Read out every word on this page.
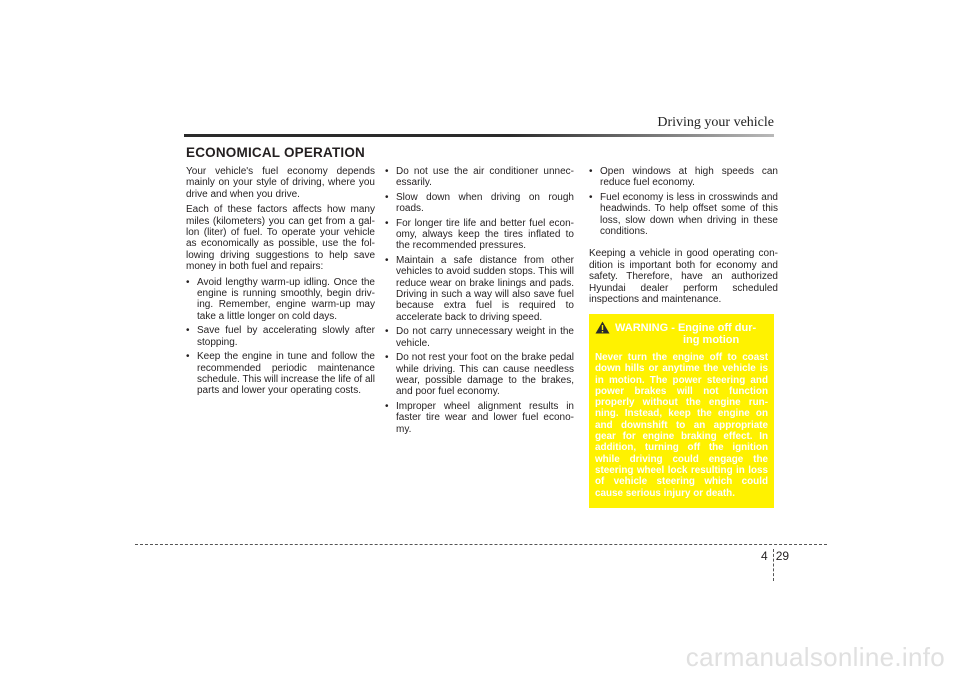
Driving your vehicle
ECONOMICAL OPERATION

Your vehicle's fuel economy depends mainly on your style of driving, where you drive and when you drive.

Each of these factors affects how many miles (kilometers) you can get from a gal-lon (liter) of fuel. To operate your vehicle as economically as possible, use the fol-lowing driving suggestions to help save money in both fuel and repairs:

• Avoid lengthy warm-up idling. Once the engine is running smoothly, begin driv-ing. Remember, engine warm-up may take a little longer on cold days.
• Save fuel by accelerating slowly after stopping.
• Keep the engine in tune and follow the recommended periodic maintenance schedule. This will increase the life of all parts and lower your operating costs.
• Do not use the air conditioner unnec-essarily.
• Slow down when driving on rough roads.
• For longer tire life and better fuel econ-omy, always keep the tires inflated to the recommended pressures.
• Maintain a safe distance from other vehicles to avoid sudden stops. This will reduce wear on brake linings and pads. Driving in such a way will also save fuel because extra fuel is required to accelerate back to driving speed.
• Do not carry unnecessary weight in the vehicle.
• Do not rest your foot on the brake pedal while driving. This can cause needless wear, possible damage to the brakes, and poor fuel economy.
• Improper wheel alignment results in faster tire wear and lower fuel econo-my.
• Open windows at high speeds can reduce fuel economy.
• Fuel economy is less in crosswinds and headwinds. To help offset some of this loss, slow down when driving in these conditions.

Keeping a vehicle in good operating con-dition is important both for economy and safety. Therefore, have an authorized Hyundai dealer perform scheduled inspections and maintenance.

WARNING - Engine off dur-
ing motion
Never turn the engine off to coast down hills or anytime the vehicle is in motion. The power steering and power brakes will not function properly without the engine run-ning. Instead, keep the engine on and downshift to an appropriate gear for engine braking effect. In addition, turning off the ignition while driving could engage the steering wheel lock resulting in loss of vehicle steering which could cause serious injury or death.
4 29
carmanualsonline.info
